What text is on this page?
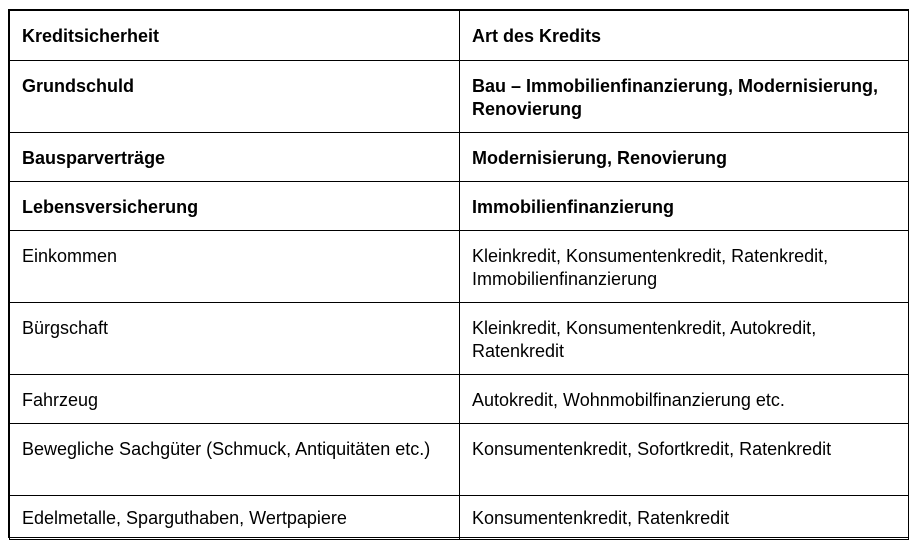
Kreditsicherheit	Art des Kredits
Grundschuld	Bau – Immobilienfinanzierung, Modernisierung, Renovierung
Bausparverträge	Modernisierung, Renovierung
Lebensversicherung	Immobilienfinanzierung
Einkommen	Kleinkredit, Konsumentenkredit, Ratenkredit, Immobilienfinanzierung
Bürgschaft	Kleinkredit, Konsumentenkredit, Autokredit, Ratenkredit
Fahrzeug	Autokredit, Wohnmobilfinanzierung etc.
Bewegliche Sachgüter (Schmuck, Antiquitäten etc.)	Konsumentenkredit, Sofortkredit, Ratenkredit
Edelmetalle, Sparguthaben, Wertpapiere	Konsumentenkredit, Ratenkredit
